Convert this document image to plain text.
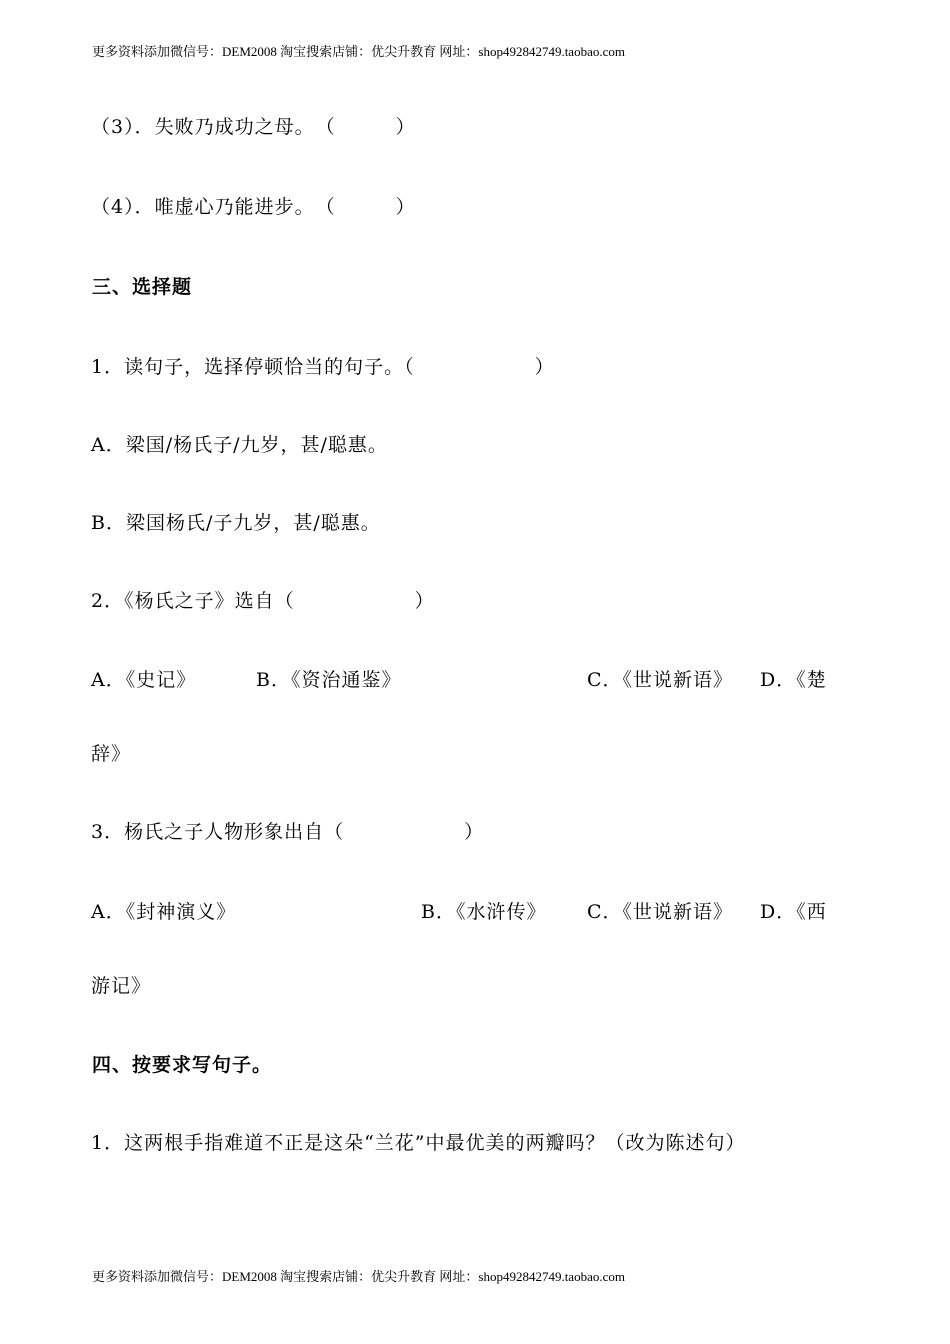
更多资料添加微信号：DEM2008 淘宝搜索店铺：优尖升教育 网址：shop492842749.taobao.com
（3）．失败乃成功之母。　（　　　）
（4）．唯虚心乃能进步。　（　　　）
三、选择题
1．读句子，选择停顿恰当的句子。（　　　　　　）
A．梁国/杨氏子/九岁，甚/聪惠。
B．梁国杨氏/子九岁，甚/聪惠。
2．《杨氏之子》选自（　　　　　　）
A．《史记》	B．《资治通鉴》	C．《世说新语》 D．《楚
辞》
3．杨氏之子人物形象出自（　　　　　　）
A．《封神演义》	B．《水浒传》 C．《世说新语》 D．《西
游记》
四、按要求写句子。
1．这两根手指难道不正是这朵“兰花”中最优美的两瓣吗？（改为陈述句）
更多资料添加微信号：DEM2008 淘宝搜索店铺：优尖升教育 网址：shop492842749.taobao.com
